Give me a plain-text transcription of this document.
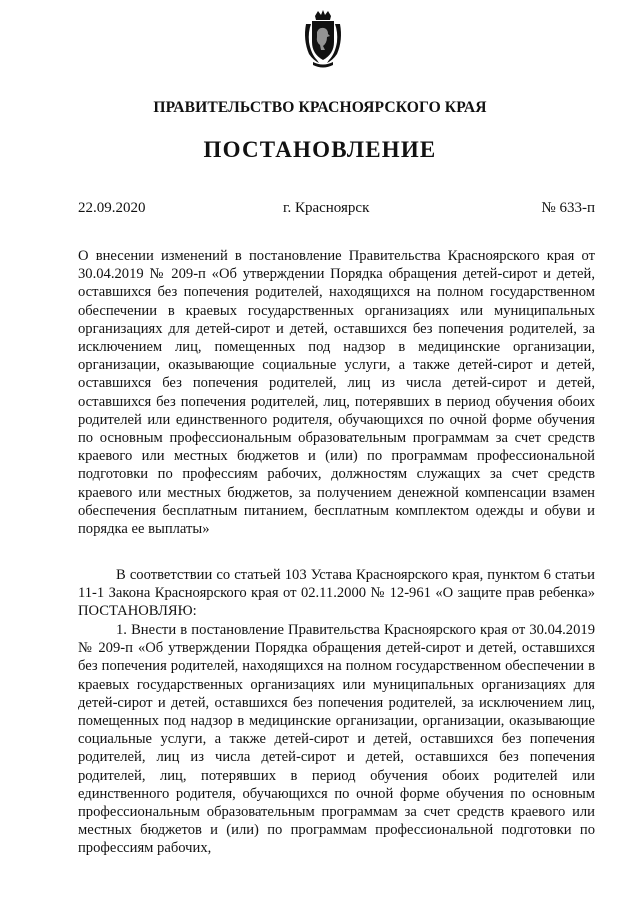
ПРАВИТЕЛЬСТВО КРАСНОЯРСКОГО КРАЯ
ПОСТАНОВЛЕНИЕ
22.09.2020	г. Красноярск	№ 633-п

О внесении изменений в постановление Правительства Красноярского края от 30.04.2019 № 209-п «Об утверждении Порядка обращения детей-сирот и детей, оставшихся без попечения родителей, находящихся на полном государственном обеспечении в краевых государственных организациях или муниципальных организациях для детей-сирот и детей, оставшихся без попечения родителей, за исключением лиц, помещенных под надзор в медицинские организации, организации, оказывающие социальные услуги, а также детей-сирот и детей, оставшихся без попечения родителей, лиц из числа детей-сирот и детей, оставшихся без попечения родителей, лиц, потерявших в период обучения обоих родителей или единственного родителя, обучающихся по очной форме обучения по основным профессиональным образовательным программам за счет средств краевого или местных бюджетов и (или) по программам профессиональной подготовки по профессиям рабочих, должностям служащих за счет средств краевого или местных бюджетов, за получением денежной компенсации взамен обеспечения бесплатным питанием, бесплатным комплектом одежды и обуви и порядка ее выплаты»

В соответствии со статьей 103 Устава Красноярского края, пунктом 6 статьи 11-1 Закона Красноярского края от 02.11.2000 № 12-961 «О защите прав ребенка» ПОСТАНОВЛЯЮ:

1. Внести в постановление Правительства Красноярского края от 30.04.2019 № 209-п «Об утверждении Порядка обращения детей-сирот и детей, оставшихся без попечения родителей, находящихся на полном государственном обеспечении в краевых государственных организациях или муниципальных организациях для детей-сирот и детей, оставшихся без попечения родителей, за исключением лиц, помещенных под надзор в медицинские организации, организации, оказывающие социальные услуги, а также детей-сирот и детей, оставшихся без попечения родителей, лиц из числа детей-сирот и детей, оставшихся без попечения родителей, лиц, потерявших в период обучения обоих родителей или единственного родителя, обучающихся по очной форме обучения по основным профессиональным образовательным программам за счет средств краевого или местных бюджетов и (или) по программам профессиональной подготовки по профессиям рабочих,
